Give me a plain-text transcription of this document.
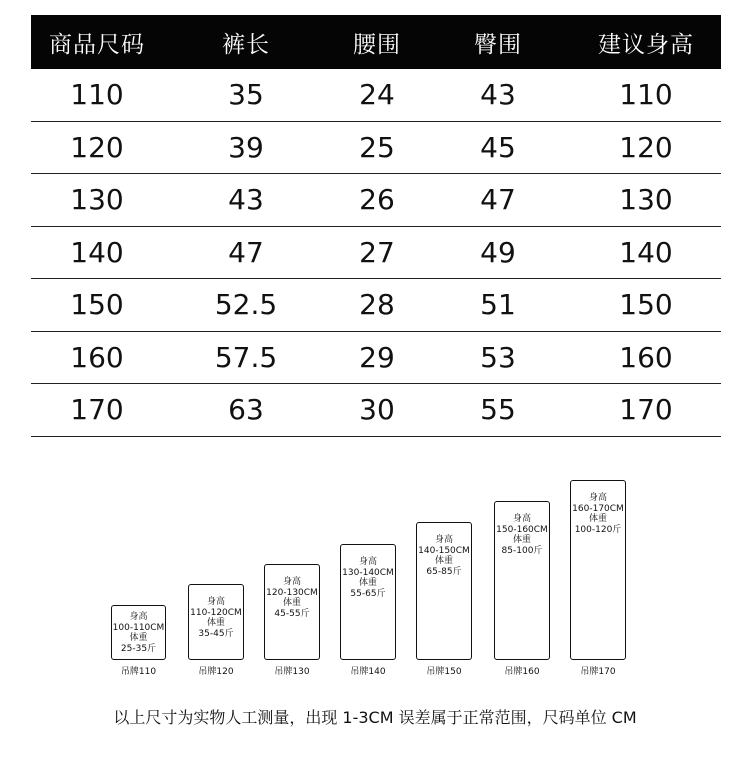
商品尺码	裤长	腰围	臀围	建议身高
110	35	24	43	110
120	39	25	45	120
130	43	26	47	130
140	47	27	49	140
150	52.5	28	51	150
160	57.5	29	53	160
170	63	30	55	170
身高
100-110CM
体重
25-35斤
吊牌110
身高
110-120CM
体重
35-45斤
吊牌120
身高
120-130CM
体重
45-55斤
吊牌130
身高
130-140CM
体重
55-65斤
吊牌140
身高
140-150CM
体重
65-85斤
吊牌150
身高
150-160CM
体重
85-100斤
吊牌160
身高
160-170CM
体重
100-120斤
吊牌170
以上尺寸为实物人工测量，出现 1-3CM 误差属于正常范围，尺码单位 CM
